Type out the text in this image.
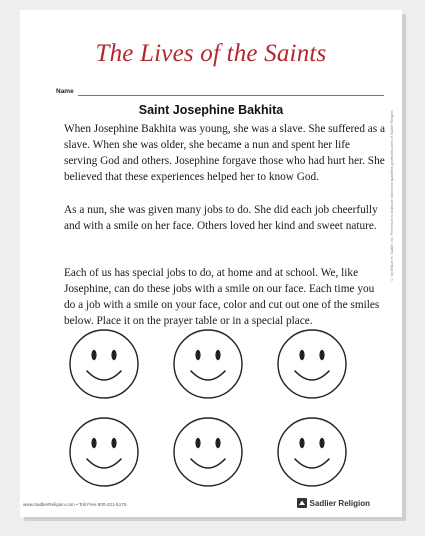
The Lives of the Saints
Name
Saint Josephine Bakhita

When Josephine Bakhita was young, she was a slave. She suffered as a slave. When she was older, she became a nun and spent her life serving God and others. Josephine forgave those who had hurt her. She believed that these experiences helped her to know God.

As a nun, she was given many jobs to do. She did each job cheerfully and with a smile on her face. Others loved her kind and sweet nature.

Each of us has special jobs to do, at home and at school. We, like Josephine, can do these jobs with a smile on our face. Each time you do a job with a smile on your face, color and cut out one of the smiles below. Place it on the prayer table or in a special place.

© by William H. Sadlier, Inc. Permission to duplicate classroom quantities granted to users of Sadlier Religion.
www.SadlierReligion.com • Toll Free 800-221-5175	Sadlier Religion
